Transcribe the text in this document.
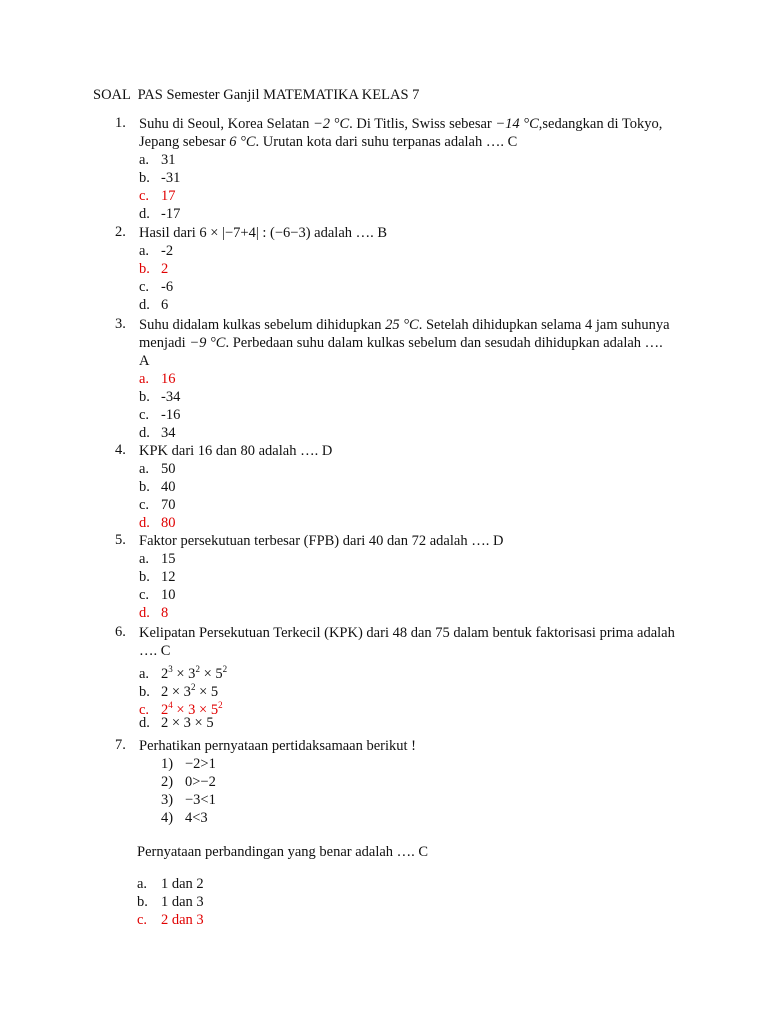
SOAL  PAS Semester Ganjil MATEMATIKA KELAS 7
1. Suhu di Seoul, Korea Selatan −2 °C. Di Titlis, Swiss sebesar −14 °C,sedangkan di Tokyo, Jepang sebesar 6 °C. Urutan kota dari suhu terpanas adalah …. C
a. 31
b. -31
c. 17
d. -17
2. Hasil dari 6 × |−7+4| : (−6−3) adalah …. B
a. -2
b. 2
c. -6
d. 6
3. Suhu didalam kulkas sebelum dihidupkan 25 °C. Setelah dihidupkan selama 4 jam suhunya menjadi −9 °C. Perbedaan suhu dalam kulkas sebelum dan sesudah dihidupkan adalah …. A
a. 16
b. -34
c. -16
d. 34
4. KPK dari 16 dan 80 adalah …. D
a. 50
b. 40
c. 70
d. 80
5. Faktor persekutuan terbesar (FPB) dari 40 dan 72 adalah …. D
a. 15
b. 12
c. 10
d. 8
6. Kelipatan Persekutuan Terkecil (KPK) dari 48 dan 75 dalam bentuk faktorisasi prima adalah …. C
a. $2^3 \times 3^2 \times 5^2$
b. $2 \times 3^2 \times 5$
c. $2^4 \times 3 \times 5^2$
d. 2 × 3 × 5
7. Perhatikan pernyataan pertidaksamaan berikut !
1) −2>1
2) 0>−2
3) −3<1
4) 4<3
Pernyataan perbandingan yang benar adalah …. C
a. 1 dan 2
b. 1 dan 3
c. 2 dan 3
